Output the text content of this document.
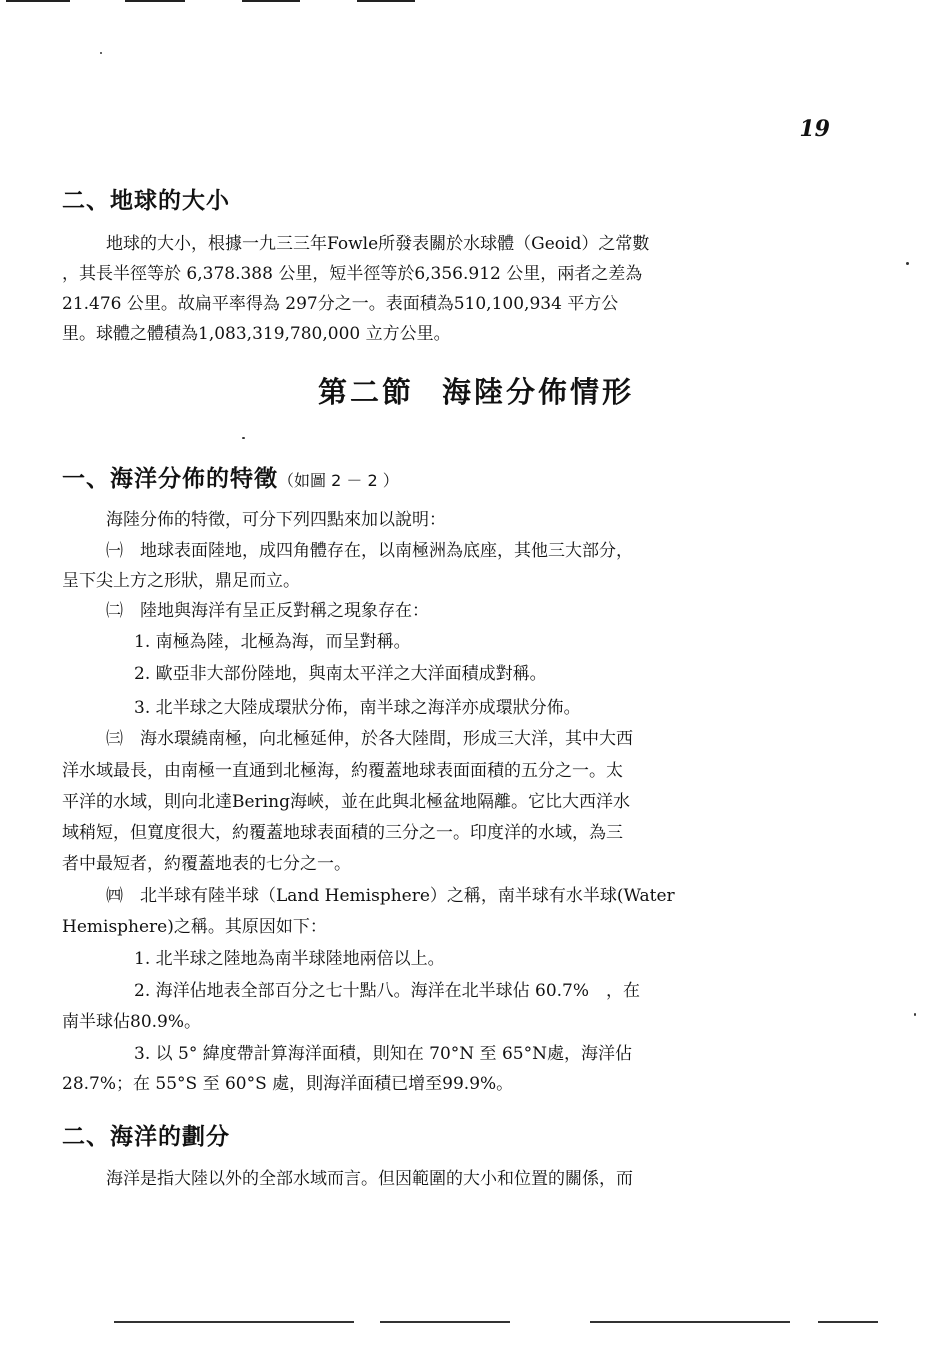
19
二、地球的大小
地球的大小，根據一九三三年Fowle所發表關於水球體（Geoid）之常數
，其長半徑等於 6,378.388 公里，短半徑等於6,356.912 公里，兩者之差為
21.476 公里。故扁平率得為 297分之一。表面積為510,100,934 平方公
里。球體之體積為1,083,319,780,000 立方公里。
第二節 海陸分佈情形
一、海洋分佈的特徵（如圖 2 － 2 ）
海陸分佈的特徵，可分下列四點來加以說明：
㈠　地球表面陸地，成四角體存在，以南極洲為底座，其他三大部分，
呈下尖上方之形狀，鼎足而立。
㈡　陸地與海洋有呈正反對稱之現象存在：
1. 南極為陸，北極為海，而呈對稱。
2. 歐亞非大部份陸地，與南太平洋之大洋面積成對稱。
3. 北半球之大陸成環狀分佈，南半球之海洋亦成環狀分佈。
㈢　海水環繞南極，向北極延伸，於各大陸間，形成三大洋，其中大西
洋水域最長，由南極一直通到北極海，約覆蓋地球表面面積的五分之一。太
平洋的水域，則向北達Bering海峽，並在此與北極盆地隔離。它比大西洋水
域稍短，但寬度很大，約覆蓋地球表面積的三分之一。印度洋的水域，為三
者中最短者，約覆蓋地表的七分之一。
㈣　北半球有陸半球（Land Hemisphere）之稱，南半球有水半球(Water
Hemisphere)之稱。其原因如下：
1. 北半球之陸地為南半球陸地兩倍以上。
2. 海洋佔地表全部百分之七十點八。海洋在北半球佔 60.7%　，在
南半球佔80.9%。
3. 以 5° 緯度帶計算海洋面積，則知在 70°N 至 65°N處，海洋佔
28.7%；在 55°S 至 60°S 處，則海洋面積已增至99.9%。
二、海洋的劃分
海洋是指大陸以外的全部水域而言。但因範圍的大小和位置的關係，而
